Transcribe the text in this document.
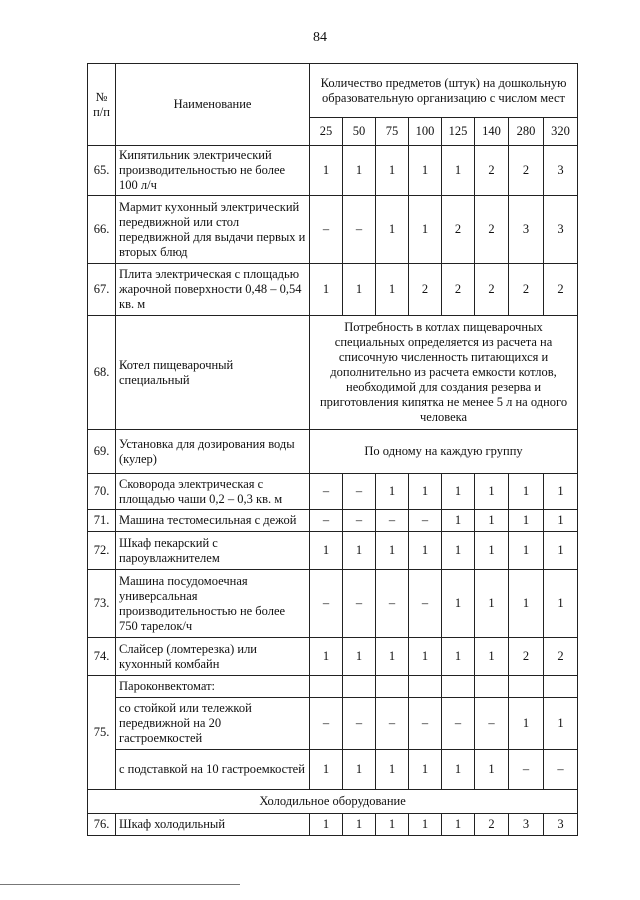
84
№
п/п	Наименование	Количество предметов (штук) на дошкольную образовательную организацию с числом мест							
		25	50	75	100	125	140	280	320
65.	Кипятильник электрический производительностью не более 100 л/ч	1	1	1	1	1	2	2	3
66.	Мармит кухонный электрический передвижной или стол передвижной для выдачи первых и вторых блюд	–	–	1	1	2	2	3	3
67.	Плита электрическая с площадью жарочной поверхности 0,48 – 0,54 кв. м	1	1	1	2	2	2	2	2
68.	Котел пищеварочный специальный	Потребность в котлах пищеварочных специальных определяется из расчета на списочную численность питающихся и дополнительно из расчета емкости котлов, необходимой для создания резерва и приготовления кипятка не менее 5 л на одного человека							
69.	Установка для дозирования воды (кулер)	По одному на каждую группу							
70.	Сковорода электрическая с площадью чаши 0,2 – 0,3 кв. м	–	–	1	1	1	1	1	1
71.	Машина тестомесильная с дежой	–	–	–	–	1	1	1	1
72.	Шкаф пекарский с пароувлажнителем	1	1	1	1	1	1	1	1
73.	Машина посудомоечная универсальная производительностью не более 750 тарелок/ч	–	–	–	–	1	1	1	1
74.	Слайсер (ломтерезка) или кухонный комбайн	1	1	1	1	1	1	2	2
75.	Пароконвектомат:								
	со стойкой или тележкой передвижной на 20 гастроемкостей	–	–	–	–	–	–	1	1
	с подставкой на 10 гастроемкостей	1	1	1	1	1	1	–	–
Холодильное оборудование									
76.	Шкаф холодильный	1	1	1	1	1	2	3	3
